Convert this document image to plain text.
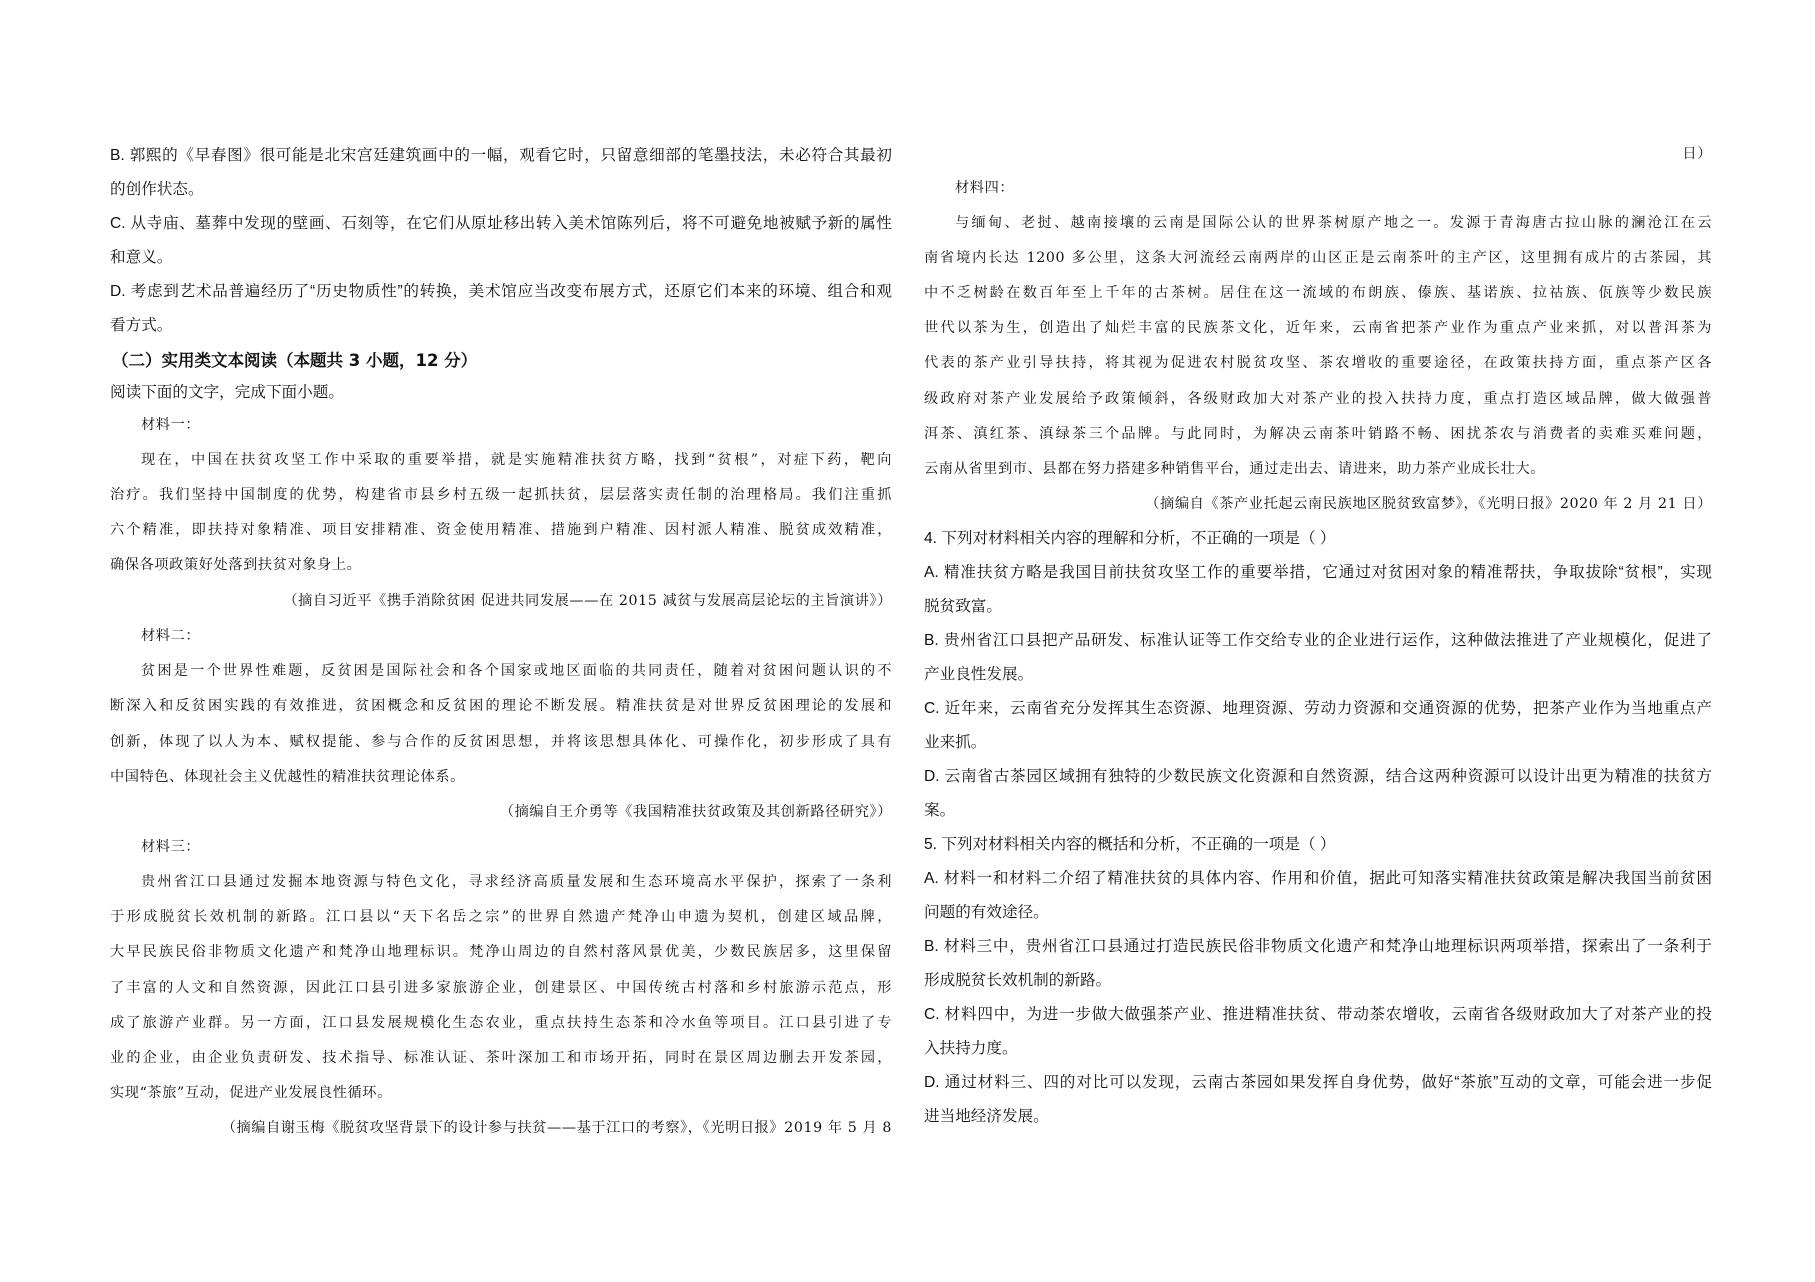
B. 郭熙的《早春图》很可能是北宋宫廷建筑画中的一幅，观看它时，只留意细部的笔墨技法，未必符合其最初
的创作状态。
C. 从寺庙、墓葬中发现的壁画、石刻等，在它们从原址移出转入美术馆陈列后，将不可避免地被赋予新的属性
和意义。
D. 考虑到艺术品普遍经历了“历史物质性”的转换，美术馆应当改变布展方式，还原它们本来的环境、组合和观
看方式。
（二）实用类文本阅读（本题共 3 小题，12 分）
阅读下面的文字，完成下面小题。
材料一：
现在，中国在扶贫攻坚工作中采取的重要举措，就是实施精准扶贫方略，找到“贫根”，对症下药，靶向
治疗。我们坚持中国制度的优势，构建省市县乡村五级一起抓扶贫，层层落实责任制的治理格局。我们注重抓
六个精准，即扶持对象精准、项目安排精准、资金使用精准、措施到户精准、因村派人精准、脱贫成效精准，
确保各项政策好处落到扶贫对象身上。
（摘自习近平《携手消除贫困 促进共同发展——在 2015 减贫与发展高层论坛的主旨演讲》）
材料二：
贫困是一个世界性难题，反贫困是国际社会和各个国家或地区面临的共同责任，随着对贫困问题认识的不
断深入和反贫困实践的有效推进，贫困概念和反贫困的理论不断发展。精准扶贫是对世界反贫困理论的发展和
创新，体现了以人为本、赋权提能、参与合作的反贫困思想，并将该思想具体化、可操作化，初步形成了具有
中国特色、体现社会主义优越性的精准扶贫理论体系。
（摘编自王介勇等《我国精准扶贫政策及其创新路径研究》）
材料三：
贵州省江口县通过发掘本地资源与特色文化，寻求经济高质量发展和生态环境高水平保护，探索了一条利
于形成脱贫长效机制的新路。江口县以“天下名岳之宗”的世界自然遗产梵净山申遗为契机，创建区域品牌，
大早民族民俗非物质文化遗产和梵净山地理标识。梵净山周边的自然村落风景优美，少数民族居多，这里保留
了丰富的人文和自然资源，因此江口县引进多家旅游企业，创建景区、中国传统古村落和乡村旅游示范点，形
成了旅游产业群。另一方面，江口县发展规模化生态农业，重点扶持生态茶和冷水鱼等项目。江口县引进了专
业的企业，由企业负责研发、技术指导、标准认证、茶叶深加工和市场开拓，同时在景区周边删去开发茶园，
实现“茶旅”互动，促进产业发展良性循环。
（摘编自谢玉梅《脱贫攻坚背景下的设计参与扶贫——基于江口的考察》，《光明日报》2019 年 5 月 8
日）
材料四：
与缅甸、老挝、越南接壤的云南是国际公认的世界茶树原产地之一。发源于青海唐古拉山脉的澜沧江在云
南省境内长达 1200 多公里，这条大河流经云南两岸的山区正是云南茶叶的主产区，这里拥有成片的古茶园，其
中不乏树龄在数百年至上千年的古茶树。居住在这一流域的布朗族、傣族、基诺族、拉祜族、佤族等少数民族
世代以茶为生，创造出了灿烂丰富的民族茶文化，近年来，云南省把茶产业作为重点产业来抓，对以普洱茶为
代表的茶产业引导扶持，将其视为促进农村脱贫攻坚、茶农增收的重要途径，在政策扶持方面，重点茶产区各
级政府对茶产业发展给予政策倾斜，各级财政加大对茶产业的投入扶持力度，重点打造区域品牌，做大做强普
洱茶、滇红茶、滇绿茶三个品牌。与此同时，为解决云南茶叶销路不畅、困扰茶农与消费者的卖难买难问题，
云南从省里到市、县都在努力搭建多种销售平台，通过走出去、请进来，助力茶产业成长壮大。
（摘编自《茶产业托起云南民族地区脱贫致富梦》，《光明日报》2020 年 2 月 21 日）
4. 下列对材料相关内容的理解和分析，不正确的一项是（ ）
A. 精准扶贫方略是我国目前扶贫攻坚工作的重要举措，它通过对贫困对象的精准帮扶，争取拔除“贫根”，实现
脱贫致富。
B. 贵州省江口县把产品研发、标准认证等工作交给专业的企业进行运作，这种做法推进了产业规模化，促进了
产业良性发展。
C. 近年来，云南省充分发挥其生态资源、地理资源、劳动力资源和交通资源的优势，把茶产业作为当地重点产
业来抓。
D. 云南省古茶园区域拥有独特的少数民族文化资源和自然资源，结合这两种资源可以设计出更为精准的扶贫方
案。
5. 下列对材料相关内容的概括和分析，不正确的一项是（ ）
A. 材料一和材料二介绍了精准扶贫的具体内容、作用和价值，据此可知落实精准扶贫政策是解决我国当前贫困
问题的有效途径。
B. 材料三中，贵州省江口县通过打造民族民俗非物质文化遗产和梵净山地理标识两项举措，探索出了一条利于
形成脱贫长效机制的新路。
C. 材料四中，为进一步做大做强茶产业、推进精准扶贫、带动茶农增收，云南省各级财政加大了对茶产业的投
入扶持力度。
D. 通过材料三、四的对比可以发现，云南古茶园如果发挥自身优势，做好“茶旅”互动的文章，可能会进一步促
进当地经济发展。
